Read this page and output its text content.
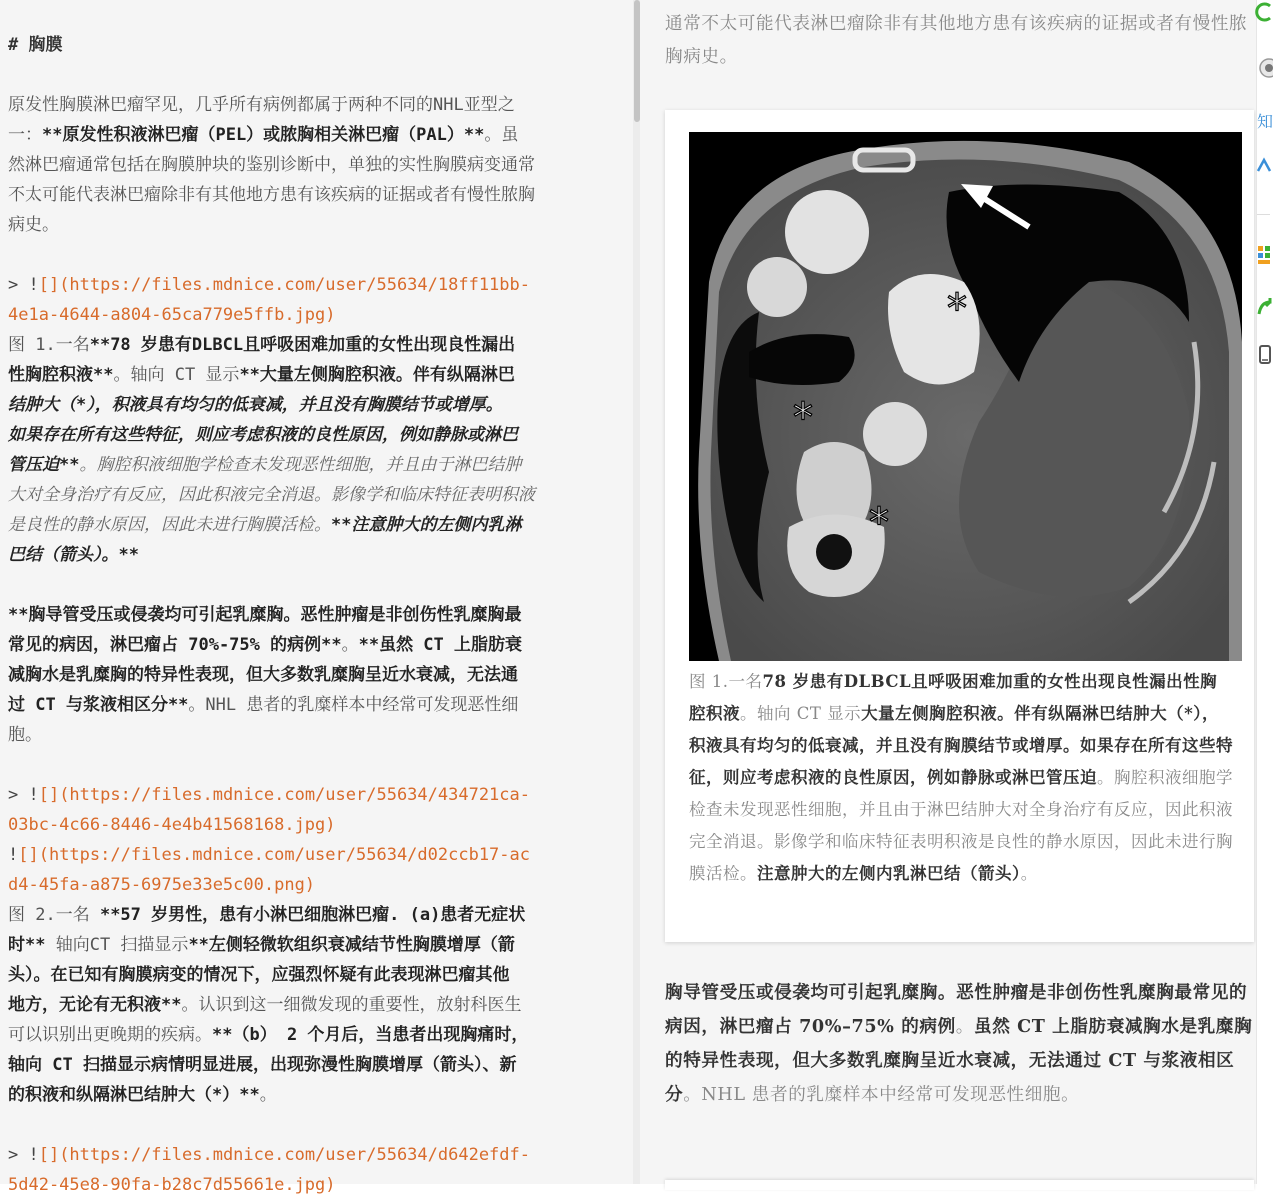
# 胸膜
原发性胸膜淋巴瘤罕见，几乎所有病例都属于两种不同的NHL亚型之
一：**原发性积液淋巴瘤（PEL）或脓胸相关淋巴瘤（PAL）**。虽
然淋巴瘤通常包括在胸膜肿块的鉴别诊断中，单独的实性胸膜病变通常
不太可能代表淋巴瘤除非有其他地方患有该疾病的证据或者有慢性脓胸
病史。
> ![](https://files.mdnice.com/user/55634/18ff11bb-
4e1a-4644-a804-65ca779e5ffb.jpg)
图 1.一名**78 岁患有DLBCL且呼吸困难加重的女性出现良性漏出
性胸腔积液**。轴向 CT 显示**大量左侧胸腔积液。伴有纵隔淋巴
结肿大（*），积液具有均匀的低衰减，并且没有胸膜结节或增厚。
如果存在所有这些特征，则应考虑积液的良性原因，例如静脉或淋巴
管压迫**。胸腔积液细胞学检查未发现恶性细胞，并且由于淋巴结肿
大对全身治疗有反应，因此积液完全消退。影像学和临床特征表明积液
是良性的静水原因，因此未进行胸膜活检。**注意肿大的左侧内乳淋
巴结（箭头）。**
**胸导管受压或侵袭均可引起乳糜胸。恶性肿瘤是非创伤性乳糜胸最
常见的病因，淋巴瘤占 70%-75% 的病例**。**虽然 CT 上脂肪衰
减胸水是乳糜胸的特异性表现，但大多数乳糜胸呈近水衰减，无法通
过 CT 与浆液相区分**。NHL 患者的乳糜样本中经常可发现恶性细
胞。
> ![](https://files.mdnice.com/user/55634/434721ca-
03bc-4c66-8446-4e4b41568168.jpg)
![](https://files.mdnice.com/user/55634/d02ccb17-ac
d4-45fa-a875-6975e33e5c00.png)
图 2.一名 **57 岁男性，患有小淋巴细胞淋巴瘤. (a)患者无症状
时** 轴向CT 扫描显示**左侧轻微软组织衰减结节性胸膜增厚（箭
头）。在已知有胸膜病变的情况下，应强烈怀疑有此表现淋巴瘤其他
地方，无论有无积液**。认识到这一细微发现的重要性，放射科医生
可以识别出更晚期的疾病。**（b） 2 个月后，当患者出现胸痛时，
轴向 CT 扫描显示病情明显进展，出现弥漫性胸膜增厚（箭头）、新
的积液和纵隔淋巴结肿大（*）**。
> ![](https://files.mdnice.com/user/55634/d642efdf-
5d42-45e8-90fa-b28c7d55661e.jpg)

通常不太可能代表淋巴瘤除非有其他地方患有该疾病的证据或者有慢性脓胸病史。

*
*
*

图 1.一名78 岁患有DLBCL且呼吸困难加重的女性出现良性漏出性胸腔积液。轴向 CT 显示大量左侧胸腔积液。伴有纵隔淋巴结肿大（*），积液具有均匀的低衰减，并且没有胸膜结节或增厚。如果存在所有这些特征，则应考虑积液的良性原因，例如静脉或淋巴管压迫。胸腔积液细胞学检查未发现恶性细胞，并且由于淋巴结肿大对全身治疗有反应，因此积液完全消退。影像学和临床特征表明积液是良性的静水原因，因此未进行胸膜活检。注意肿大的左侧内乳淋巴结（箭头）。

胸导管受压或侵袭均可引起乳糜胸。恶性肿瘤是非创伤性乳糜胸最常见的病因，淋巴瘤占 70%–75% 的病例。虽然 CT 上脂肪衰减胸水是乳糜胸的特异性表现，但大多数乳糜胸呈近水衰减，无法通过 CT 与浆液相区分。NHL 患者的乳糜样本中经常可发现恶性细胞。

知
